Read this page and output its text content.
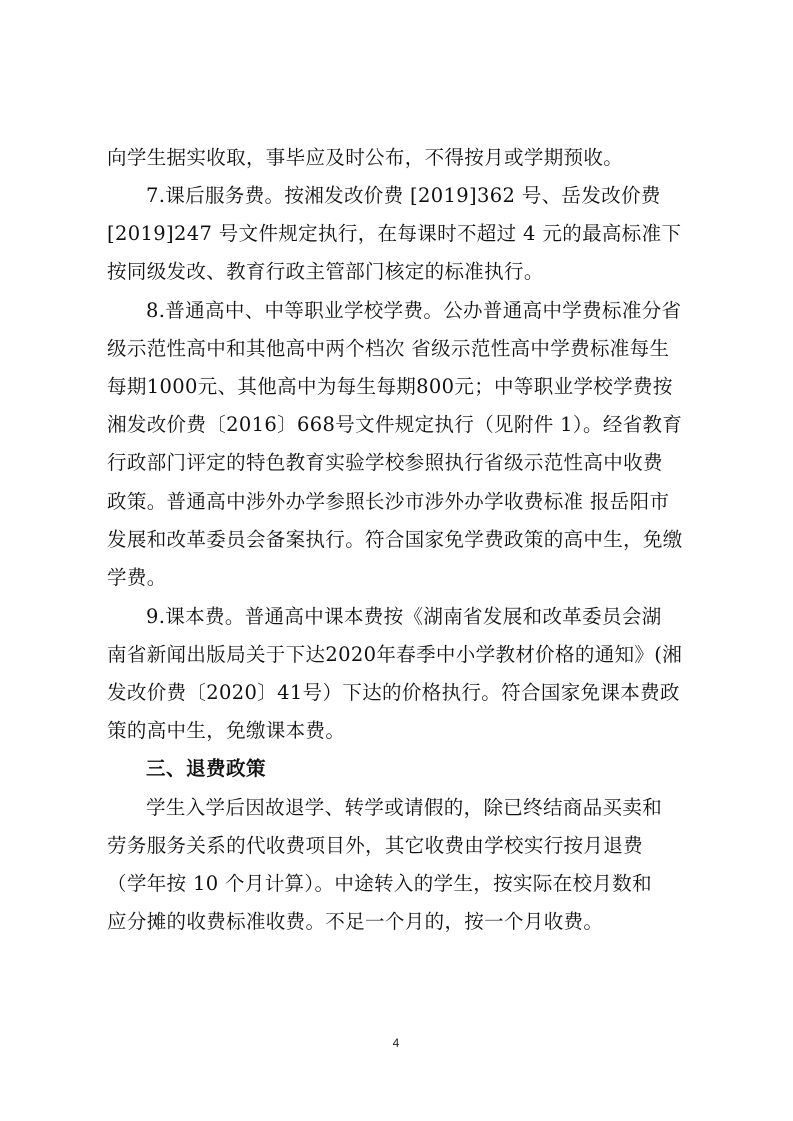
向学生据实收取，事毕应及时公布，不得按月或学期预收。
7.课后服务费。按湘发改价费 [2019]362 号、岳发改价费
[2019]247 号文件规定执行，在每课时不超过 4 元的最高标准下
按同级发改、教育行政主管部门核定的标准执行。
8.普通高中、中等职业学校学费。公办普通高中学费标准分省
级示范性高中和其他高中两个档次 省级示范性高中学费标准每生
每期1000元、其他高中为每生每期800元；中等职业学校学费按
湘发改价费〔2016〕668号文件规定执行（见附件 1）。经省教育
行政部门评定的特色教育实验学校参照执行省级示范性高中收费
政策。普通高中涉外办学参照长沙市涉外办学收费标准 报岳阳市
发展和改革委员会备案执行。符合国家免学费政策的高中生，免缴
学费。
9.课本费。普通高中课本费按《湖南省发展和改革委员会湖
南省新闻出版局关于下达2020年春季中小学教材价格的通知》(湘
发改价费〔2020〕41号）下达的价格执行。符合国家免课本费政
策的高中生，免缴课本费。
三、退费政策
学生入学后因故退学、转学或请假的，除已终结商品买卖和
劳务服务关系的代收费项目外，其它收费由学校实行按月退费
（学年按 10 个月计算）。中途转入的学生，按实际在校月数和
应分摊的收费标准收费。不足一个月的，按一个月收费。
4
